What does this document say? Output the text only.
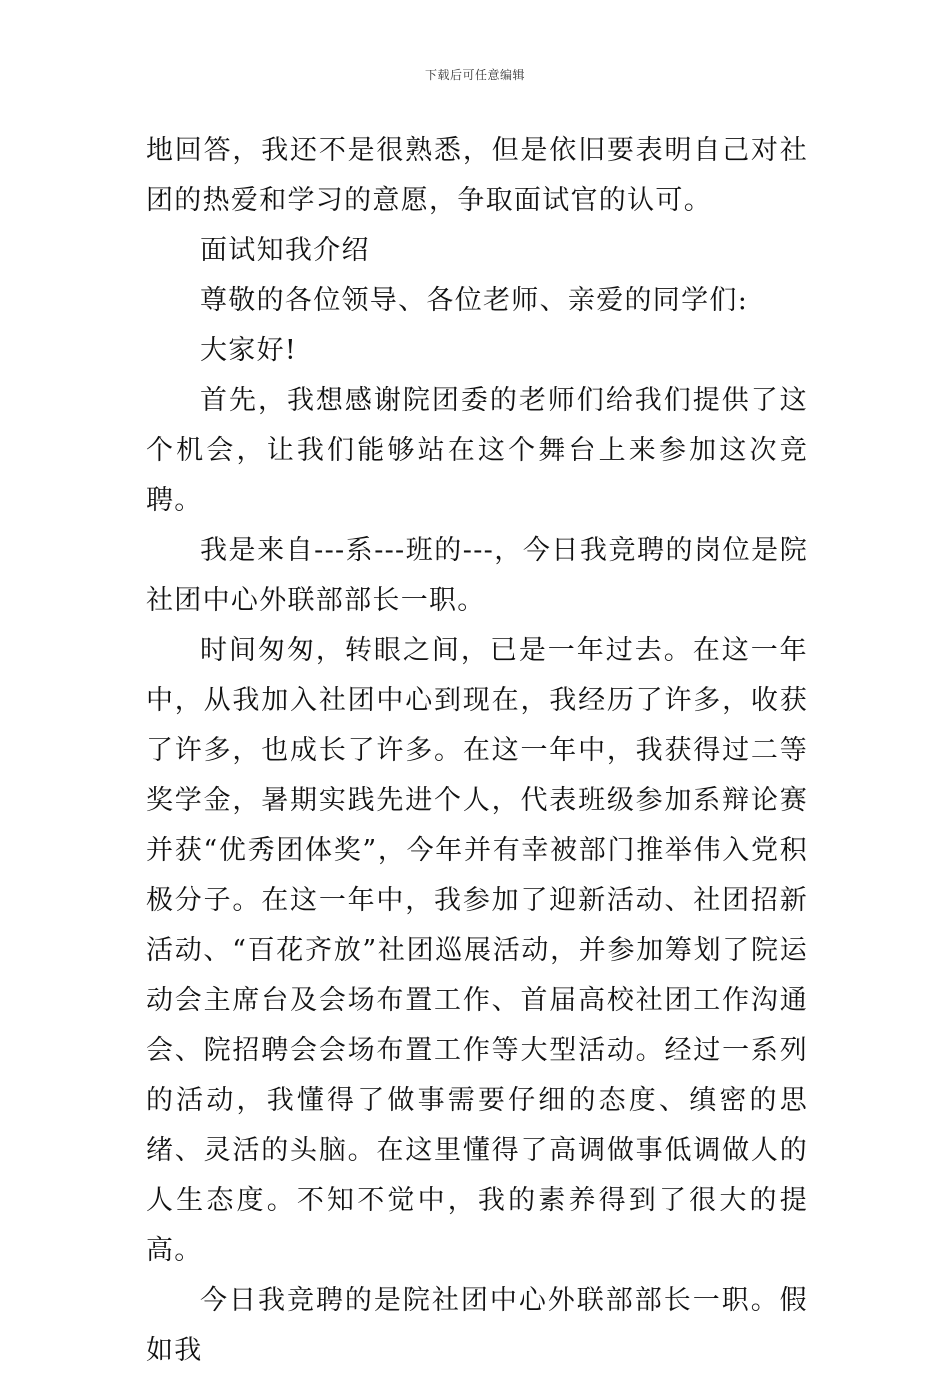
下载后可任意编辑

地回答，我还不是很熟悉，但是依旧要表明自己对社团的热爱和学习的意愿，争取面试官的认可。

面试知我介绍

尊敬的各位领导、各位老师、亲爱的同学们:

大家好!

首先，我想感谢院团委的老师们给我们提供了这个机会，让我们能够站在这个舞台上来参加这次竞聘。

我是来自---系---班的---，今日我竞聘的岗位是院社团中心外联部部长一职。

时间匆匆，转眼之间，已是一年过去。在这一年中，从我加入社团中心到现在，我经历了许多，收获了许多，也成长了许多。在这一年中，我获得过二等奖学金，暑期实践先进个人，代表班级参加系辩论赛并获“优秀团体奖”，今年并有幸被部门推举伟入党积极分子。在这一年中，我参加了迎新活动、社团招新活动、“百花齐放”社团巡展活动，并参加筹划了院运动会主席台及会场布置工作、首届高校社团工作沟通会、院招聘会会场布置工作等大型活动。经过一系列的活动，我懂得了做事需要仔细的态度、缜密的思绪、灵活的头脑。在这里懂得了高调做事低调做人的人生态度。不知不觉中，我的素养得到了很大的提高。

今日我竞聘的是院社团中心外联部部长一职。假如我
